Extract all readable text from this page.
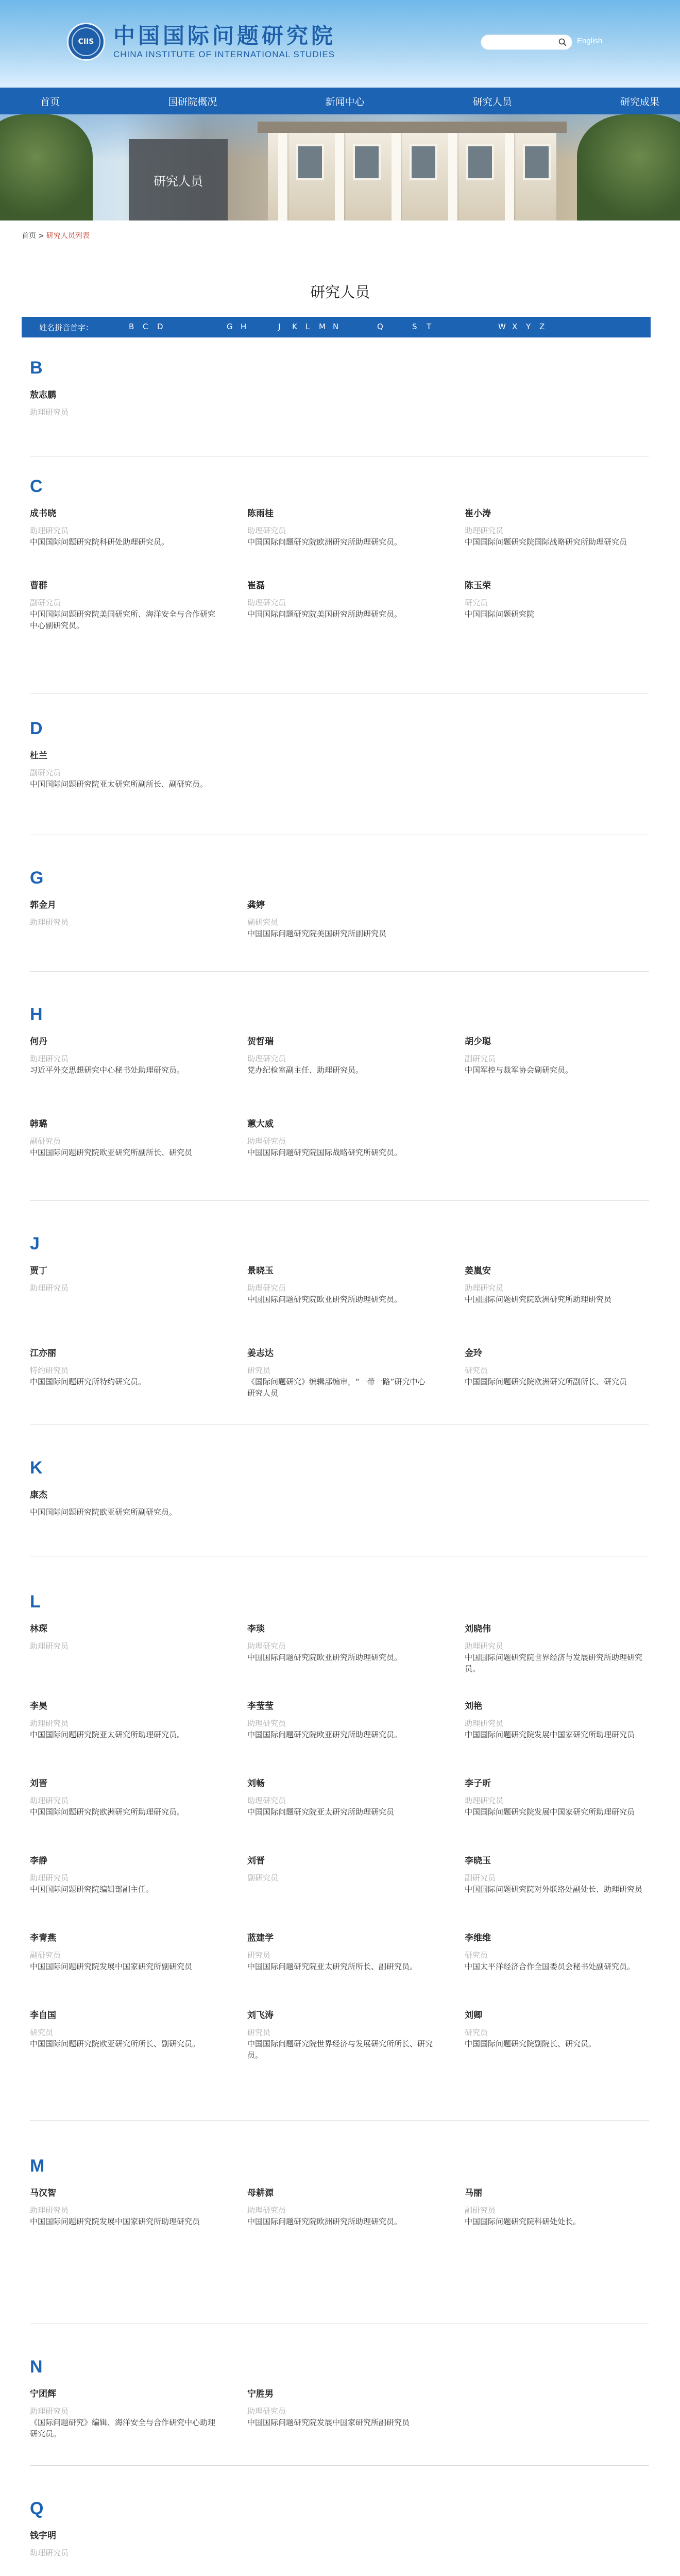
CIIS 中国国际问题研究院
CHINA INSTITUTE OF INTERNATIONAL STUDIES
English
首页	国研院概况	新闻中心	研究人员	研究成果
研究人员
首页 > 研究人员列表
研究人员
姓名拼音首字：	B C D	G H	J K L M N	Q	S T	W X Y Z
B
敖志鹏
助理研究员
C
成书晓
助理研究员
中国国际问题研究院科研处助理研究员。
陈雨桂
助理研究员
中国国际问题研究院欧洲研究所助理研究员。
崔小涛
助理研究员
中国国际问题研究院国际战略研究所助理研究员
曹群
副研究员
中国国际问题研究院美国研究所、海洋安全与合作研究中心副研究员。
崔磊
助理研究员
中国国际问题研究院美国研究所助理研究员。
陈玉荣
研究员
中国国际问题研究院
D
杜兰
副研究员
中国国际问题研究院亚太研究所副所长、副研究员。
G
郭金月
助理研究员
龚婷
副研究员
中国国际问题研究院美国研究所副研究员
H
何丹
助理研究员
习近平外交思想研究中心秘书处助理研究员。
贺哲瑞
助理研究员
党办纪检室副主任、助理研究员。
胡少聪
副研究员
中国军控与裁军协会副研究员。
韩璐
副研究员
中国国际问题研究院欧亚研究所副所长、研究员
蕙大威
助理研究员
中国国际问题研究院国际战略研究所研究员。
J
贾丁
助理研究员
景晓玉
助理研究员
中国国际问题研究院欧亚研究所助理研究员。
姜嵐安
助理研究员
中国国际问题研究院欧洲研究所助理研究员
江亦丽
特约研究员
中国国际问题研究所特约研究员。
姜志达
研究员
《国际问题研究》编辑部编审，“一带一路”研究中心研究人员
金玲
研究员
中国国际问题研究院欧洲研究所副所长、研究员
K
康杰
中国国际问题研究院欧亚研究所副研究员。
L
林琛
助理研究员
李琰
助理研究员
中国国际问题研究院欧亚研究所助理研究员。
刘晓伟
助理研究员
中国国际问题研究院世界经济与发展研究所助理研究员。
李昊
助理研究员
中国国际问题研究院亚太研究所助理研究员。
李莹莹
助理研究员
中国国际问题研究院欧亚研究所助理研究员。
刘艳
助理研究员
中国国际问题研究院发展中国家研究所助理研究员
刘晋
助理研究员
中国国际问题研究院欧洲研究所助理研究员。
刘畅
助理研究员
中国国际问题研究院亚太研究所助理研究员
李子昕
助理研究员
中国国际问题研究院发展中国家研究所助理研究员
李静
助理研究员
中国国际问题研究院编辑部副主任。
刘晋
副研究员
李晓玉
副研究员
中国国际问题研究院对外联络处副处长、助理研究员
李青燕
副研究员
中国国际问题研究院发展中国家研究所副研究员
蓝建学
研究员
中国国际问题研究院亚太研究所所长、副研究员。
李维维
研究员
中国太平洋经济合作全国委员会秘书处副研究员。
李自国
研究员
中国国际问题研究院欧亚研究所所长、副研究员。
刘飞涛
研究员
中国国际问题研究院世界经济与发展研究所所长、研究员。
刘卿
研究员
中国国际问题研究院副院长、研究员。
M
马汉智
助理研究员
中国国际问题研究院发展中国家研究所助理研究员
母耕源
助理研究员
中国国际问题研究院欧洲研究所助理研究员。
马丽
副研究员
中国国际问题研究院科研处处长。
N
宁团辉
助理研究员
《国际问题研究》编辑、海洋安全与合作研究中心助理研究员。
宁胜男
助理研究员
中国国际问题研究院发展中国家研究所副研究员
Q
钱宇明
助理研究员
